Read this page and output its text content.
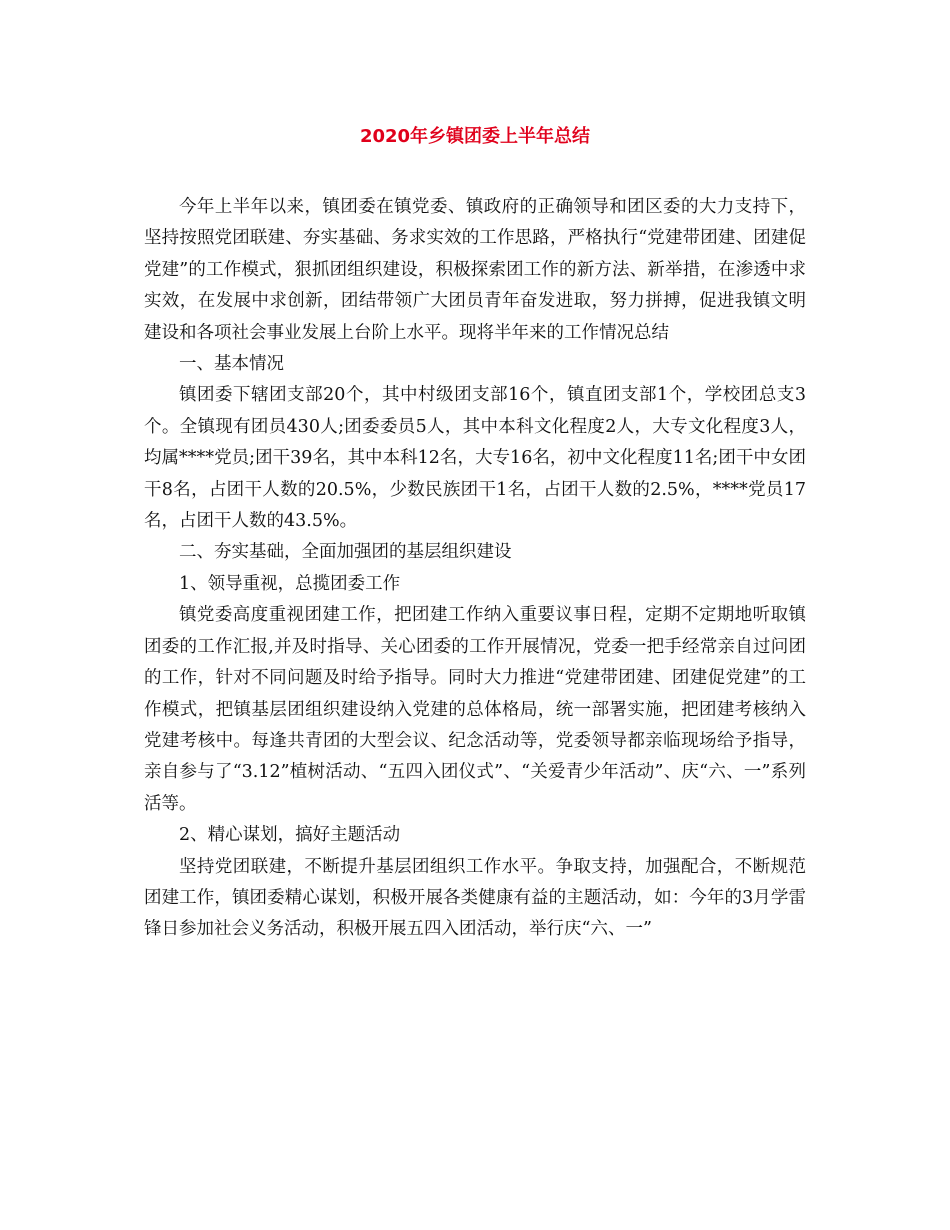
2020年乡镇团委上半年总结

今年上半年以来，镇团委在镇党委、镇政府的正确领导和团区委的大力支持下，坚持按照党团联建、夯实基础、务求实效的工作思路，严格执行“党建带团建、团建促党建”的工作模式，狠抓团组织建设，积极探索团工作的新方法、新举措，在渗透中求实效，在发展中求创新，团结带领广大团员青年奋发进取，努力拼搏，促进我镇文明建设和各项社会事业发展上台阶上水平。现将半年来的工作情况总结

一、基本情况

镇团委下辖团支部20个，其中村级团支部16个，镇直团支部1个，学校团总支3个。全镇现有团员430人;团委委员5人，其中本科文化程度2人，大专文化程度3人，均属****党员;团干39名，其中本科12名，大专16名，初中文化程度11名;团干中女团干8名，占团干人数的20.5%，少数民族团干1名，占团干人数的2.5%，****党员17名，占团干人数的43.5%。

二、夯实基础，全面加强团的基层组织建设

1、领导重视，总揽团委工作

镇党委高度重视团建工作，把团建工作纳入重要议事日程，定期不定期地听取镇团委的工作汇报,并及时指导、关心团委的工作开展情况，党委一把手经常亲自过问团的工作，针对不同问题及时给予指导。同时大力推进“党建带团建、团建促党建”的工作模式，把镇基层团组织建设纳入党建的总体格局，统一部署实施，把团建考核纳入党建考核中。每逢共青团的大型会议、纪念活动等，党委领导都亲临现场给予指导，亲自参与了“3.12”植树活动、“五四入团仪式”、“关爱青少年活动”、庆“六、一”系列活等。

2、精心谋划，搞好主题活动

坚持党团联建，不断提升基层团组织工作水平。争取支持，加强配合，不断规范团建工作，镇团委精心谋划，积极开展各类健康有益的主题活动，如：今年的3月学雷锋日参加社会义务活动，积极开展五四入团活动，举行庆“六、一”
